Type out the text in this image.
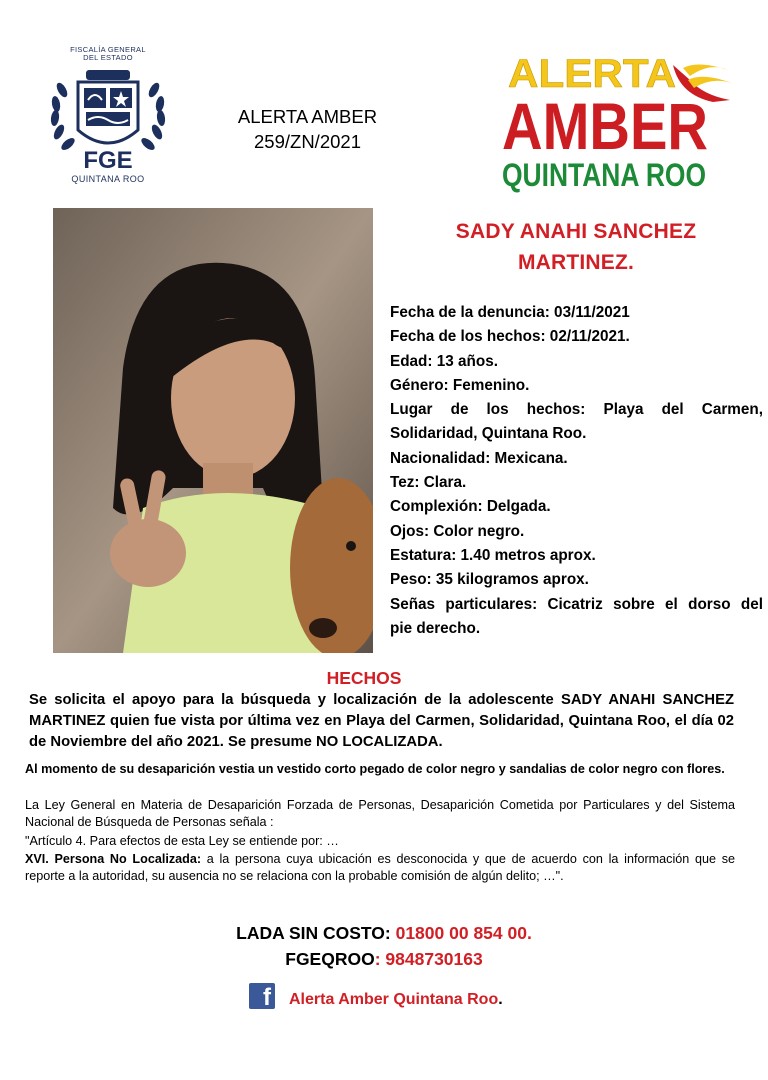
FISCALÍA GENERAL
DEL ESTADO
FGE
QUINTANA ROO
ALERTA AMBER
259/ZN/2021
ALERTA
AMBER
QUINTANA ROO
SADY ANAHI SANCHEZ
MARTINEZ.
Fecha de la denuncia: 03/11/2021
Fecha de los hechos: 02/11/2021.
Edad: 13 años.
Género: Femenino.
Lugar de los hechos: Playa del Carmen,
Solidaridad, Quintana Roo.
Nacionalidad: Mexicana.
Tez: Clara.
Complexión: Delgada.
Ojos: Color negro.
Estatura: 1.40 metros aprox.
Peso: 35 kilogramos aprox.
Señas particulares: Cicatriz sobre el dorso del
pie derecho.
HECHOS
Se solicita el apoyo para la búsqueda y localización de la adolescente SADY ANAHI SANCHEZ MARTINEZ quien fue vista por última vez en Playa del Carmen, Solidaridad, Quintana Roo, el día 02 de Noviembre del año 2021. Se presume NO LOCALIZADA.
Al momento de su desaparición vestia un vestido corto pegado de color negro y sandalias de color negro con flores.
La Ley General en Materia de Desaparición Forzada de Personas, Desaparición Cometida por Particulares y del Sistema Nacional de Búsqueda de Personas señala :
"Artículo 4. Para efectos de esta Ley se entiende por: …
XVI. Persona No Localizada: a la persona cuya ubicación es desconocida y que de acuerdo con la información que se reporte a la autoridad, su ausencia no se relaciona con la probable comisión de algún delito; …".
LADA SIN COSTO: 01800 00 854 00.
FGEQROO: 9848730163
f Alerta Amber Quintana Roo.
